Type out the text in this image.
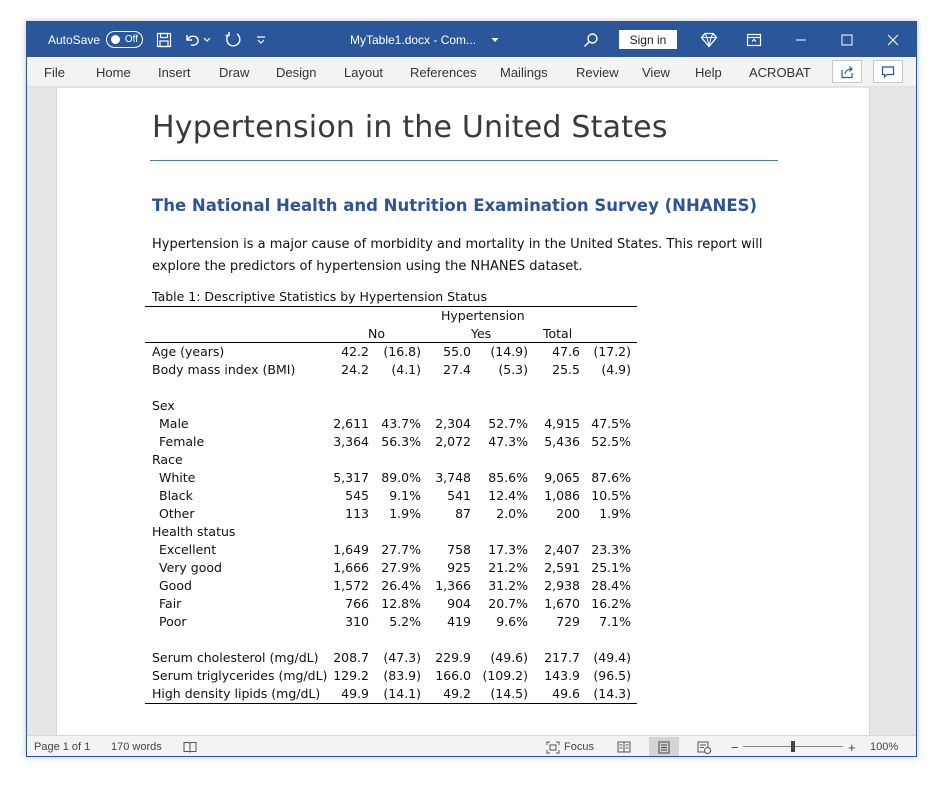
AutoSave Off	MyTable1.docx - Com...	Sign in
File Home Insert Draw Design Layout References Mailings Review View Help ACROBAT
Hypertension in the United States
The National Health and Nutrition Examination Survey (NHANES)

Hypertension is a major cause of morbidity and mortality in the United States. This report will explore the predictors of hypertension using the NHANES dataset.

Table 1: Descriptive Statistics by Hypertension Status
Hypertension
No	Yes	Total
Age (years)	42.2 (16.8) 55.0 (14.9) 47.6 (17.2)
Body mass index (BMI)	24.2 (4.1) 27.4 (5.3) 25.5 (4.9)
Sex
Male	2,611 43.7% 2,304 52.7% 4,915 47.5%
Female	3,364 56.3% 2,072 47.3% 5,436 52.5%
Race
White	5,317 89.0% 3,748 85.6% 9,065 87.6%
Black	545 9.1% 541 12.4% 1,086 10.5%
Other	113 1.9%	87 2.0% 200 1.9%
Health status
Excellent	1,649 27.7% 758 17.3% 2,407 23.3%
Very good	1,666 27.9% 925 21.2% 2,591 25.1%
Good	1,572 26.4% 1,366 31.2% 2,938 28.4%
Fair	766 12.8% 904 20.7% 1,670 16.2%
Poor	310 5.2% 419 9.6% 729 7.1%
Serum cholesterol (mg/dL) 208.7 (47.3) 229.9 (49.6) 217.7 (49.4)
Serum triglycerides (mg/dL) 129.2 (83.9) 166.0 (109.2) 143.9 (96.5)
High density lipids (mg/dL) 49.9 (14.1) 49.2 (14.5) 49.6 (14.3)
Page 1 of 1 170 words	Focus	−	+ 100%
